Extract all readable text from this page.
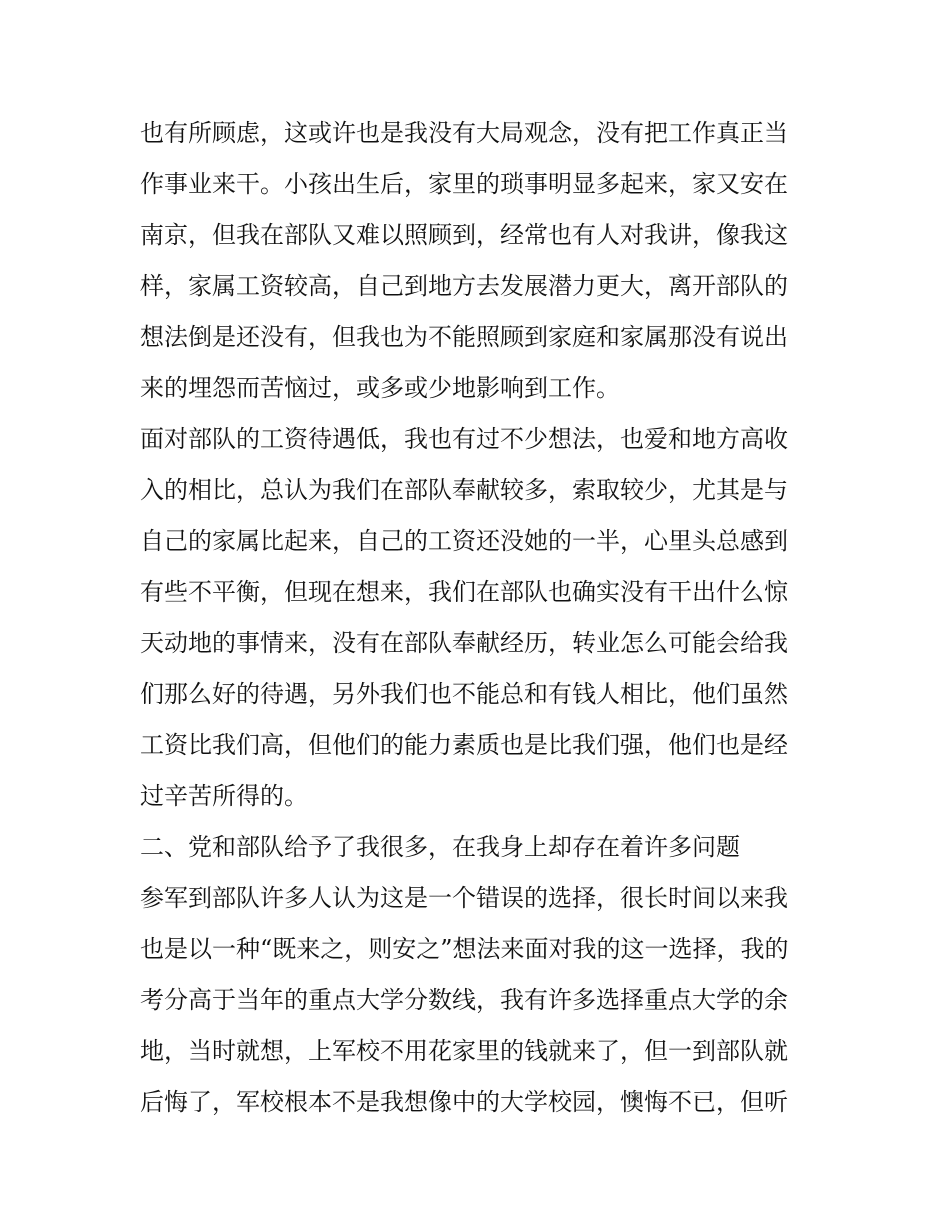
也有所顾虑，这或许也是我没有大局观念，没有把工作真正当
作事业来干。小孩出生后，家里的琐事明显多起来，家又安在
南京，但我在部队又难以照顾到，经常也有人对我讲，像我这
样，家属工资较高，自己到地方去发展潜力更大，离开部队的
想法倒是还没有，但我也为不能照顾到家庭和家属那没有说出
来的埋怨而苦恼过，或多或少地影响到工作。
面对部队的工资待遇低，我也有过不少想法，也爱和地方高收
入的相比，总认为我们在部队奉献较多，索取较少，尤其是与
自己的家属比起来，自己的工资还没她的一半，心里头总感到
有些不平衡，但现在想来，我们在部队也确实没有干出什么惊
天动地的事情来，没有在部队奉献经历，转业怎么可能会给我
们那么好的待遇，另外我们也不能总和有钱人相比，他们虽然
工资比我们高，但他们的能力素质也是比我们强，他们也是经
过辛苦所得的。
二、党和部队给予了我很多，在我身上却存在着许多问题
参军到部队许多人认为这是一个错误的选择，很长时间以来我
也是以一种“既来之，则安之”想法来面对我的这一选择，我的
考分高于当年的重点大学分数线，我有许多选择重点大学的余
地，当时就想，上军校不用花家里的钱就来了，但一到部队就
后悔了，军校根本不是我想像中的大学校园，懊悔不已，但听
